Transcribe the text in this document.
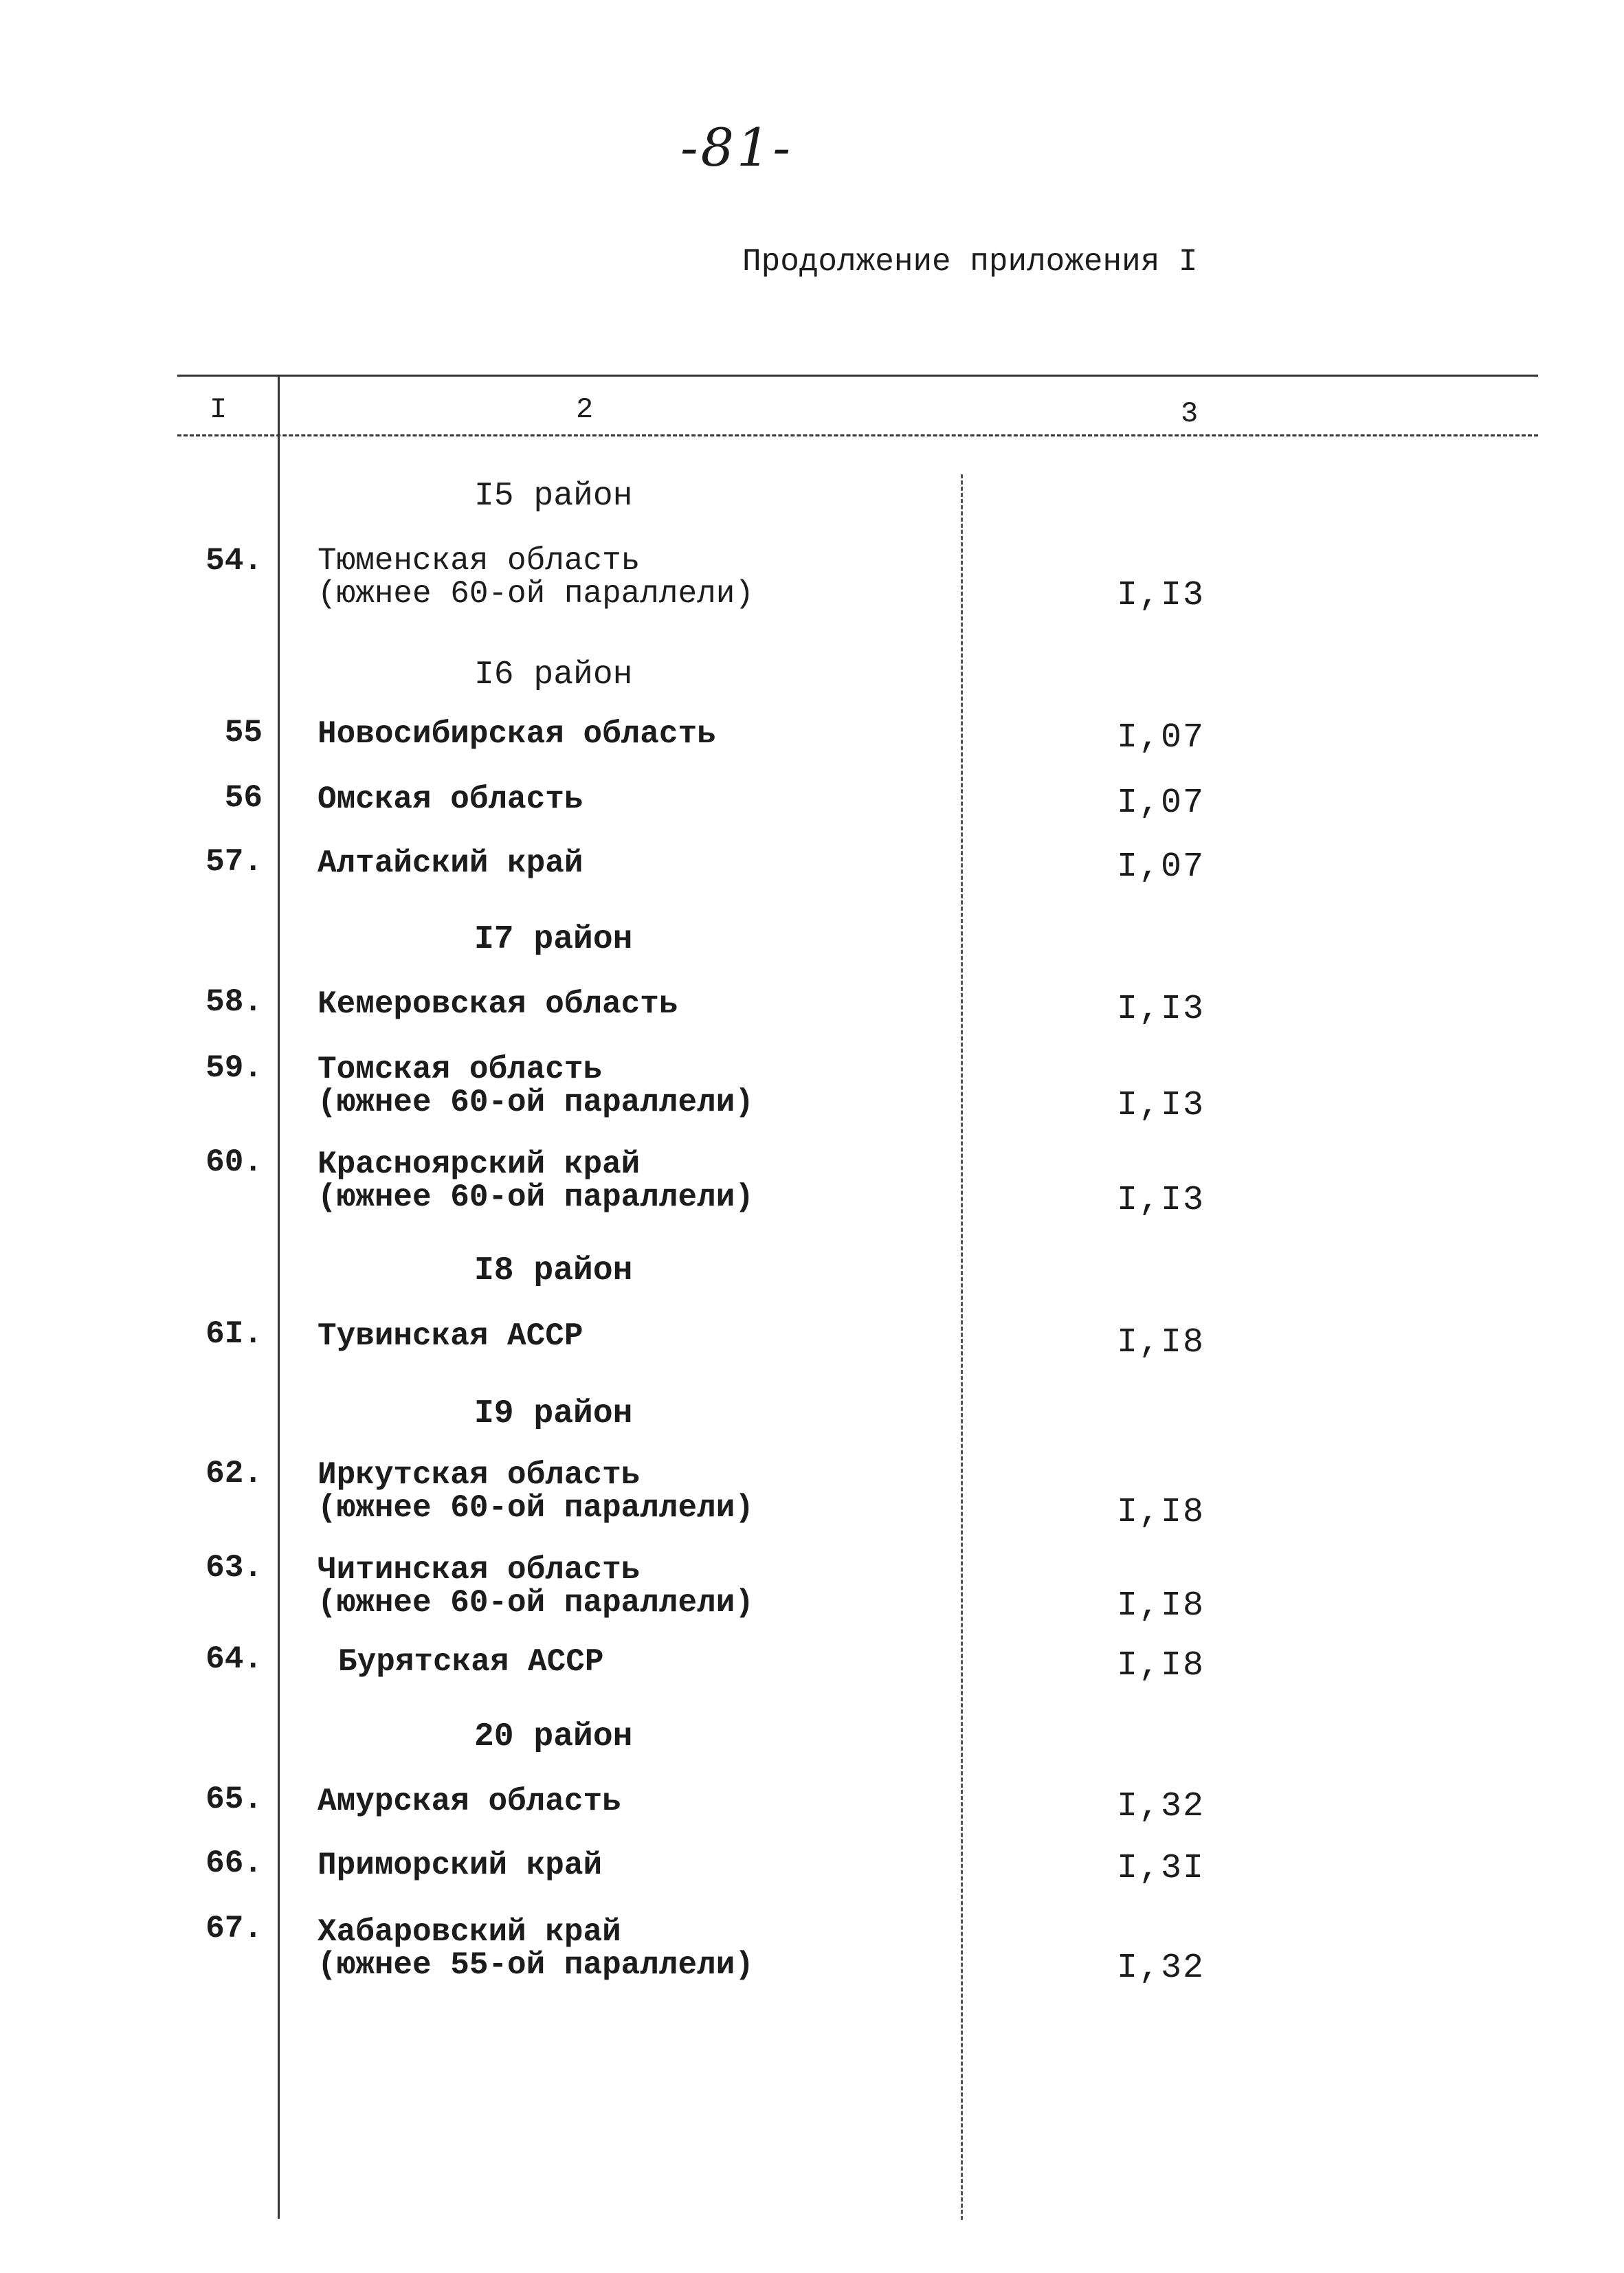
-81-
Продолжение приложения I
I	2	3
I5 район
54. Тюменская область
(южнее 60-ой параллели)	I,I3
I6 район
55 Новосибирская область	I,07
56 Омская область	I,07
57. Алтайский край	I,07
I7 район
58. Кемеровская область	I,I3
59. Томская область
(южнее 60-ой параллели)	I,I3
60. Красноярский край
(южнее 60-ой параллели)	I,I3
I8 район
6I. Тувинская АССР	I,I8
I9 район
62. Иркутская область
(южнее 60-ой параллели)	I,I8
63. Читинская область
(южнее 60-ой параллели)	I,I8
64. Бурятская АССР	I,I8
20 район
65. Амурская область	I,32
66. Приморский край	I,3I
67. Хабаровский край
(южнее 55-ой параллели)	I,32
